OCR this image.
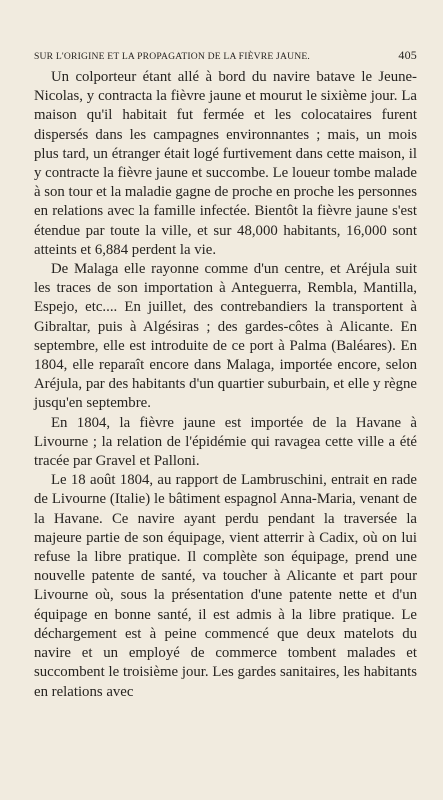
SUR L'ORIGINE ET LA PROPAGATION DE LA FIÈVRE JAUNE.	405

Un colporteur étant allé à bord du navire batave le Jeune-Nicolas, y contracta la fièvre jaune et mourut le sixième jour. La maison qu'il habitait fut fermée et les colocataires furent dispersés dans les campagnes environnantes ; mais, un mois plus tard, un étranger était logé furtivement dans cette maison, il y contracte la fièvre jaune et succombe. Le loueur tombe malade à son tour et la maladie gagne de proche en proche les personnes en relations avec la famille infectée. Bientôt la fièvre jaune s'est étendue par toute la ville, et sur 48,000 habitants, 16,000 sont atteints et 6,884 perdent la vie.

De Malaga elle rayonne comme d'un centre, et Aréjula suit les traces de son importation à Anteguerra, Rembla, Mantilla, Espejo, etc.... En juillet, des contrebandiers la transportent à Gibraltar, puis à Algésiras ; des gardes-côtes à Alicante. En septembre, elle est introduite de ce port à Palma (Baléares). En 1804, elle reparaît encore dans Malaga, importée encore, selon Aréjula, par des habitants d'un quartier suburbain, et elle y règne jusqu'en septembre.

En 1804, la fièvre jaune est importée de la Havane à Livourne ; la relation de l'épidémie qui ravagea cette ville a été tracée par Gravel et Palloni.

Le 18 août 1804, au rapport de Lambruschini, entrait en rade de Livourne (Italie) le bâtiment espagnol Anna-Maria, venant de la Havane. Ce navire ayant perdu pendant la traversée la majeure partie de son équipage, vient atterrir à Cadix, où on lui refuse la libre pratique. Il complète son équipage, prend une nouvelle patente de santé, va toucher à Alicante et part pour Livourne où, sous la présentation d'une patente nette et d'un équipage en bonne santé, il est admis à la libre pratique. Le déchargement est à peine commencé que deux matelots du navire et un employé de commerce tombent malades et succombent le troisième jour. Les gardes sanitaires, les habitants en relations avec
